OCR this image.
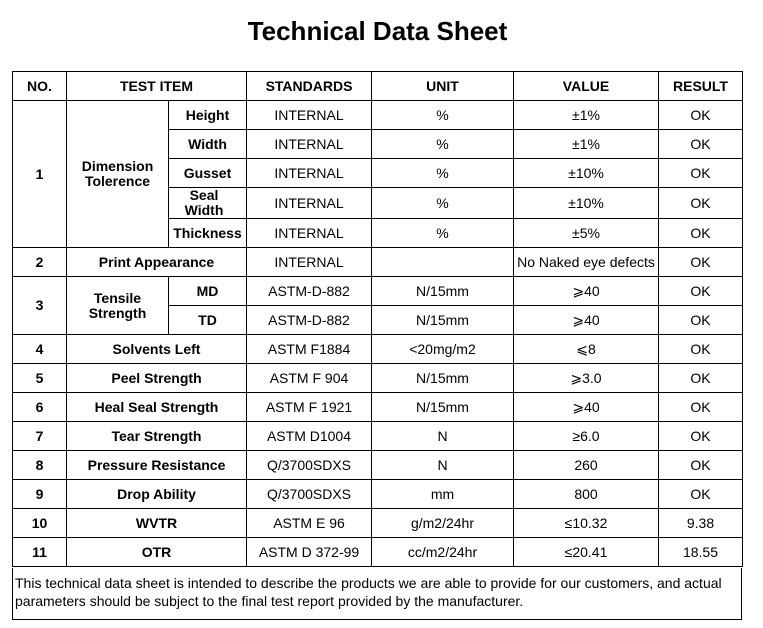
Technical Data Sheet
NO.	TEST ITEM		STANDARDS	UNIT	VALUE	RESULT
1	Dimension Tolerence	Height	INTERNAL	%	±1%	OK
		Width	INTERNAL	%	±1%	OK
		Gusset	INTERNAL	%	±10%	OK

		Seal Width	INTERNAL	%	±10%	OK
		Thickness	INTERNAL	%	±5%	OK
2	Print Appearance		INTERNAL		No Naked eye defects	OK
3	Tensile Strength	MD	ASTM-D-882	N/15mm	⩾40	OK
		TD	ASTM-D-882	N/15mm	⩾40	OK
4	Solvents Left		ASTM F1884	<20mg/m2	⩽8	OK
5	Peel Strength		ASTM F 904	N/15mm	⩾3.0	OK
6	Heal Seal Strength		ASTM F 1921	N/15mm	⩾40	OK
7	Tear Strength		ASTM D1004	N	≥6.0	OK
8	Pressure Resistance		Q/3700SDXS	N	260	OK
9	Drop Ability		Q/3700SDXS	mm	800	OK
10	WVTR		ASTM E 96	g/m2/24hr	≤10.32	9.38
11	OTR		ASTM D 372-99	cc/m2/24hr	≤20.41	18.55
This technical data sheet is intended to describe the products we are able to provide for our customers, and actual parameters should be subject to the final test report provided by the manufacturer.
